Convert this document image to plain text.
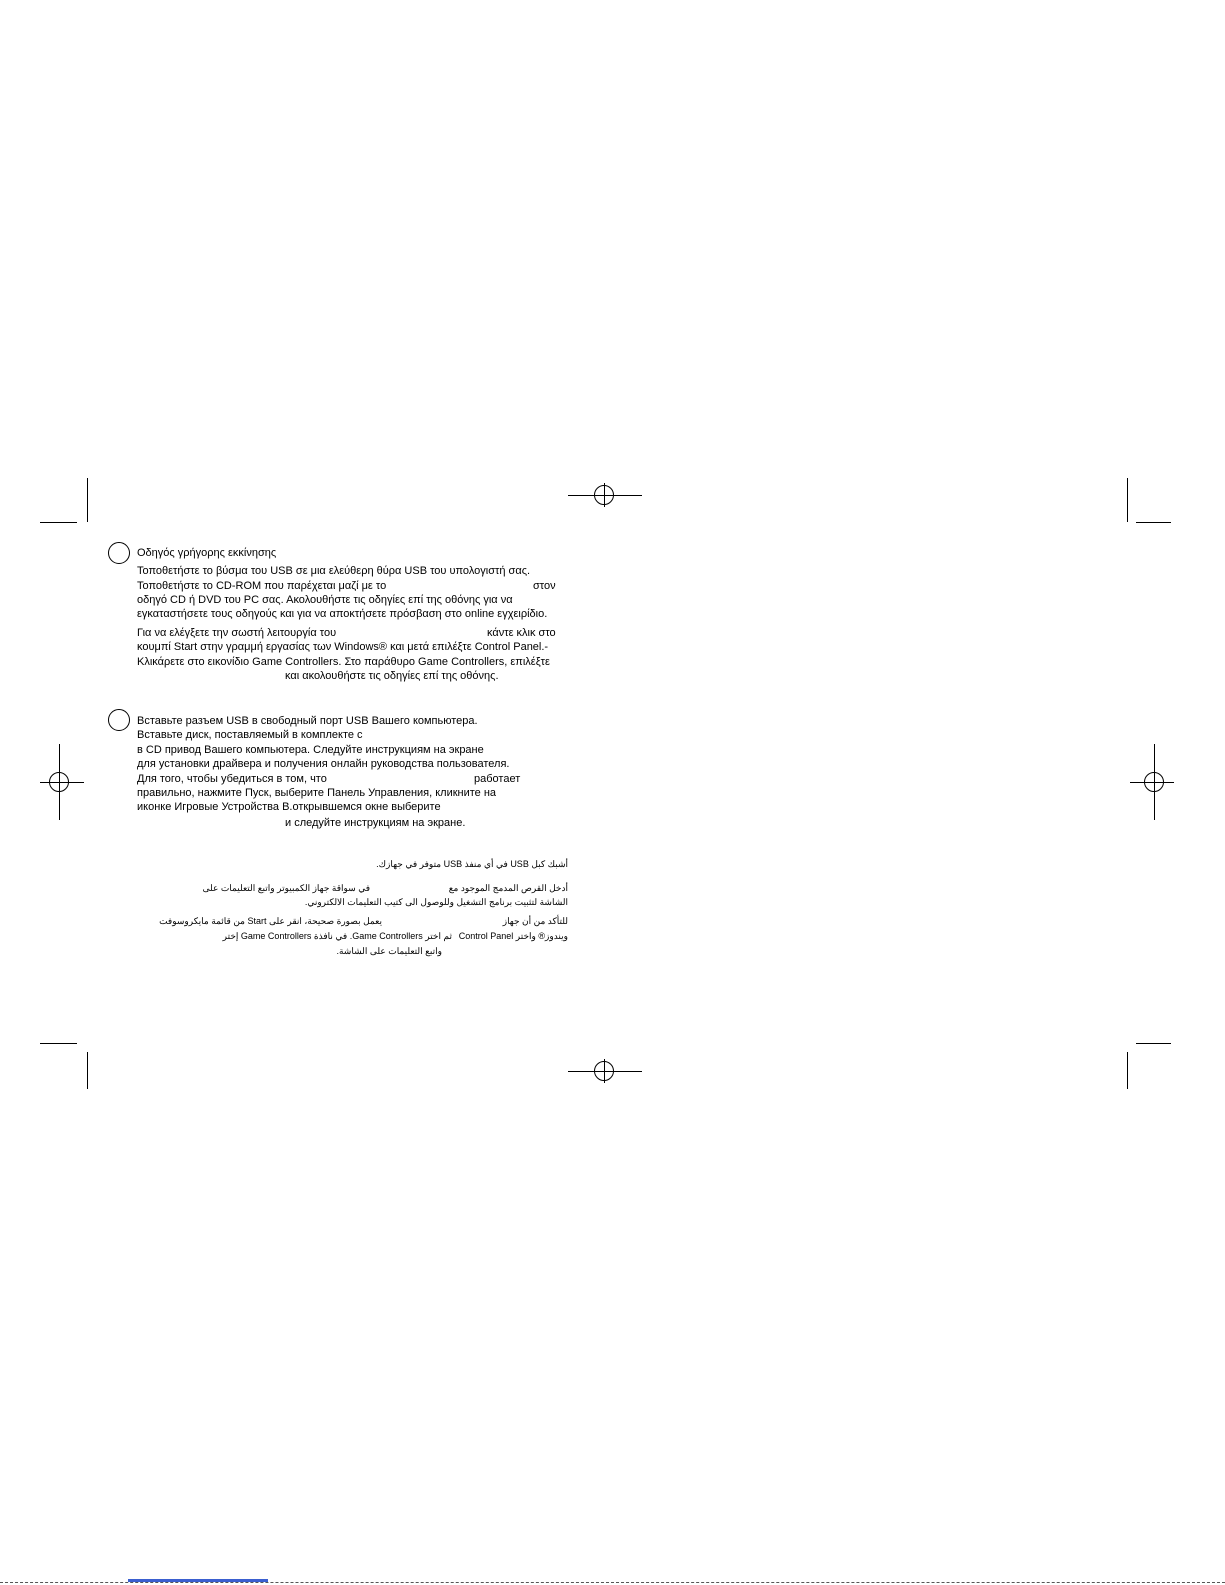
Οδηγός γρήγορης εκκίνησης
Τοποθετήστε το βύσμα του USB σε μια ελεύθερη θύρα USB του υπολογιστή σας.
Τοποθετήστε το CD-ROM που παρέχεται μαζί με το	στον
οδηγό CD ή DVD του PC σας. Ακολουθήστε τις οδηγίες επί της οθόνης για να
εγκαταστήσετε τους οδηγούς και για να αποκτήσετε πρόσβαση στο online εγχειρίδιο.
Για να ελέγξετε την σωστή λειτουργία του	κάντε κλικ στο
κουμπί Start στην γραμμή εργασίας των Windows® και μετά επιλέξτε Control Panel.-
Κλικάρετε στο εικονίδιο Game Controllers. Στο παράθυρο Game Controllers, επιλέξτε
και ακολουθήστε τις οδηγίες επί της οθόνης.
Вставьте разъем USB в свободный порт USB Вашего компьютера.
Вставьте диск, поставляемый в комплекте с
в CD привод Вашего компьютера. Следуйте инструкциям на экране
для установки драйвера и получения онлайн руководства пользователя.
Для того, чтобы убедиться в том, что	работает
правильно, нажмите Пуск, выберите Панель Управления, кликните на
иконке Игровые Устройства В.открывшемся окне выберите
и следуйте инструкциям на экране.
أشبك كبل USB في أي منفذ USB متوفر في جهازك.
أدخل القرص المدمج الموجود مع
في سواقة جهاز الكمبيوتر واتبع التعليمات على
الشاشة لتثبيت برنامج التشغيل وللوصول الى كتيب التعليمات الالكتروني.
للتأكد من أن جهاز
يعمل بصورة صحيحة، انقر على Start من قائمة مايكروسوفت
ويندوز® واختر Control Panel
ثم اختر Game Controllers. في نافذة Game Controllers إختر
واتبع التعليمات على الشاشة.
